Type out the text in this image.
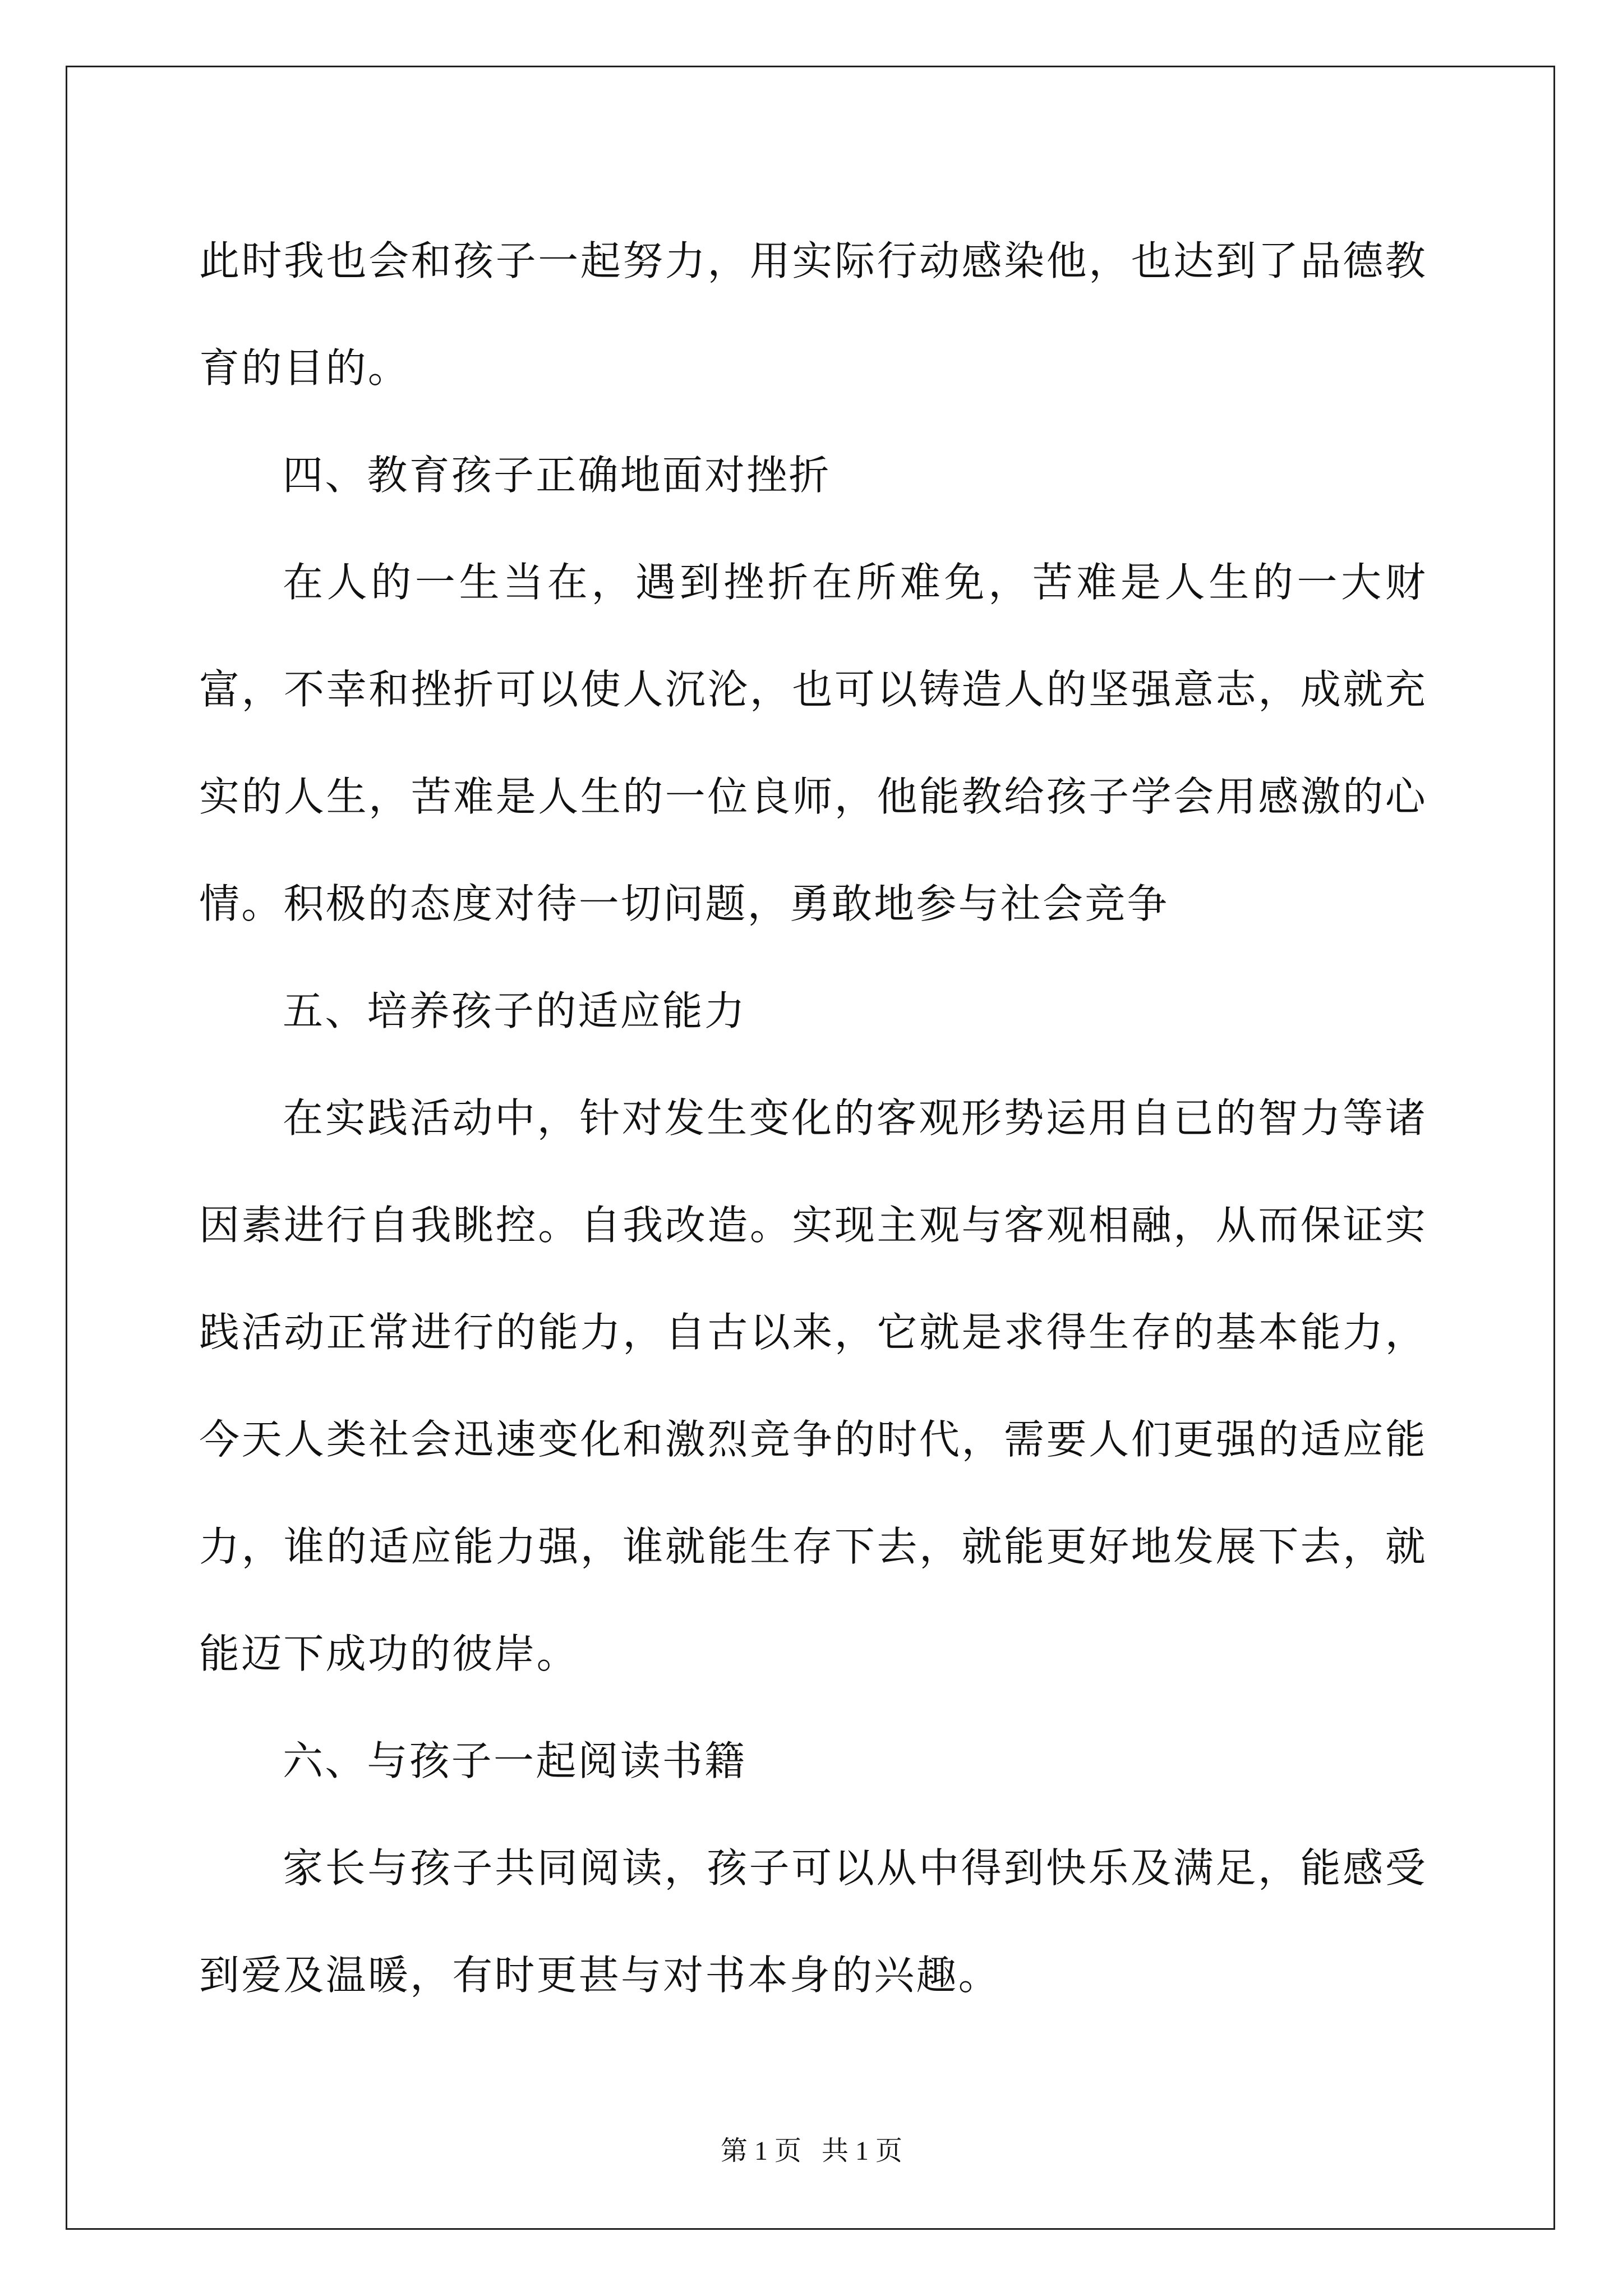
此时我也会和孩子一起努力，用实际行动感染他，也达到了品德教育的目的。

四、教育孩子正确地面对挫折

在人的一生当在，遇到挫折在所难免，苦难是人生的一大财富，不幸和挫折可以使人沉沦，也可以铸造人的坚强意志，成就充实的人生，苦难是人生的一位良师，他能教给孩子学会用感激的心情。积极的态度对待一切问题，勇敢地参与社会竞争

五、培养孩子的适应能力

在实践活动中，针对发生变化的客观形势运用自已的智力等诸因素进行自我眺控。自我改造。实现主观与客观相融，从而保证实践活动正常进行的能力，自古以来，它就是求得生存的基本能力，今天人类社会迅速变化和激烈竞争的时代，需要人们更强的适应能力，谁的适应能力强，谁就能生存下去，就能更好地发展下去，就能迈下成功的彼岸。

六、与孩子一起阅读书籍

家长与孩子共同阅读，孩子可以从中得到快乐及满足，能感受到爱及温暖，有时更甚与对书本身的兴趣。

第 1 页 共 1 页
